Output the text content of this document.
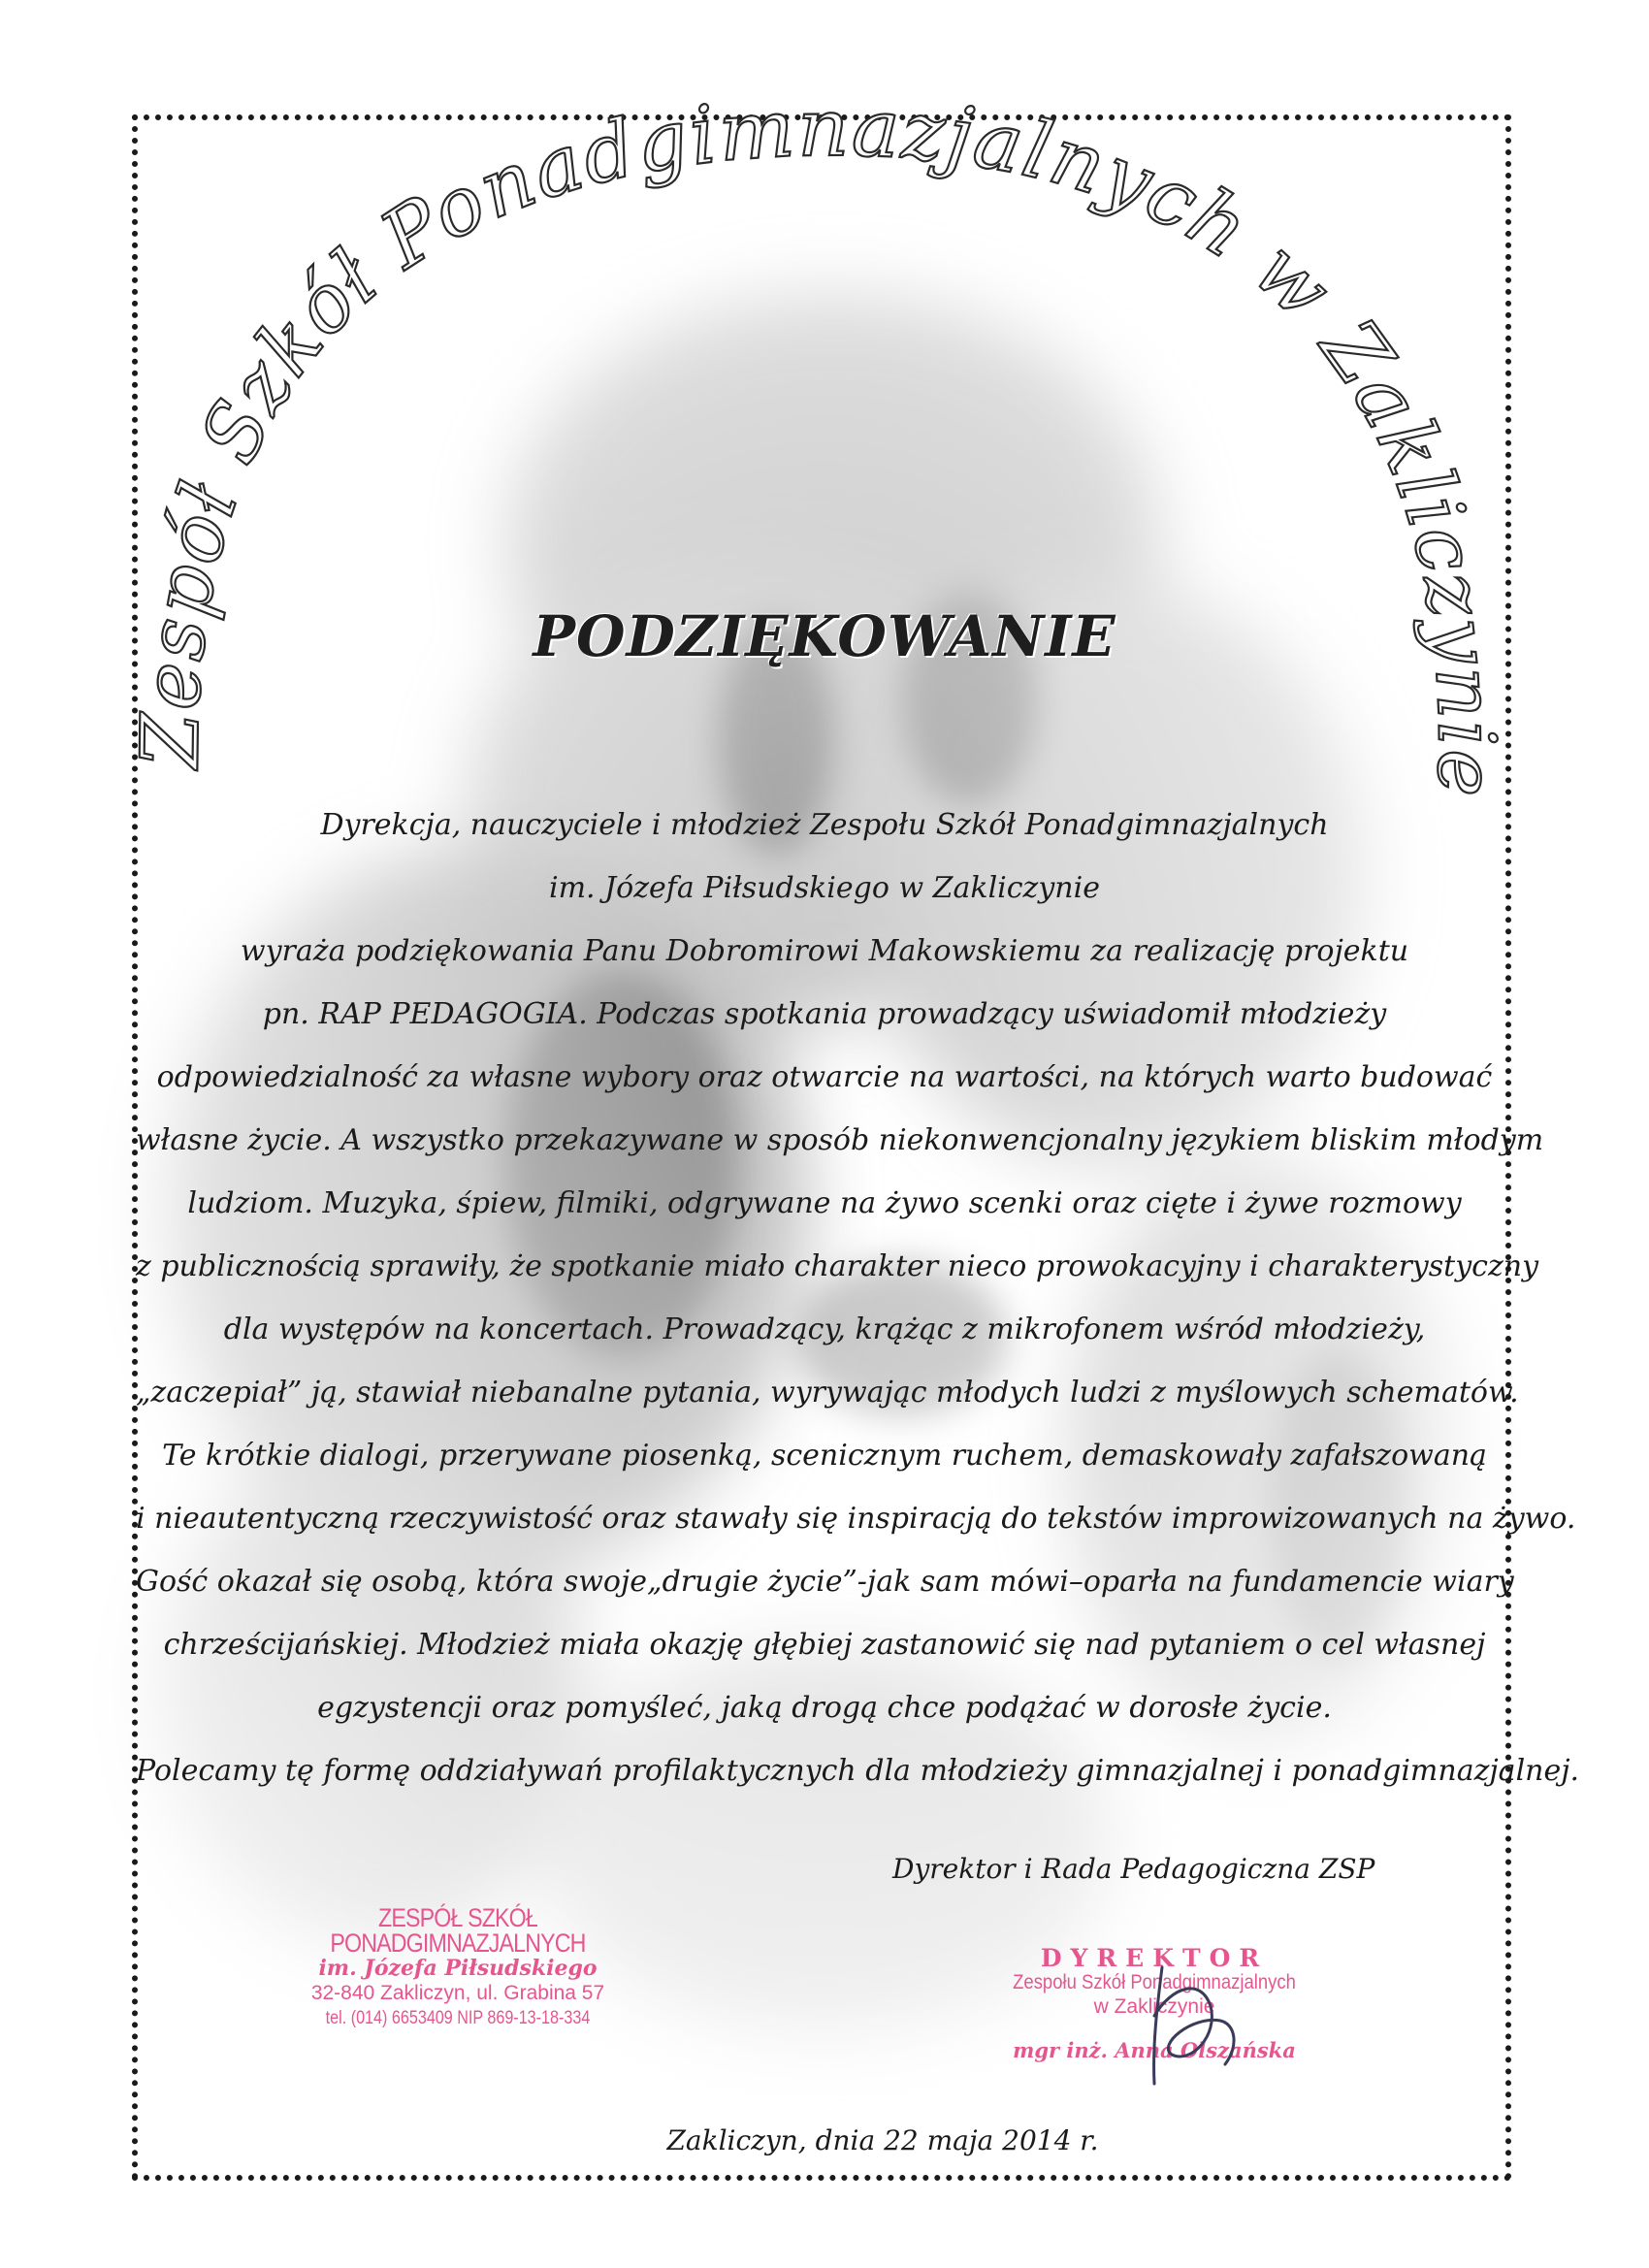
Zespół Szkół Ponadgimnazjalnych w Zakliczynie
PODZIĘKOWANIE
Dyrekcja, nauczyciele i młodzież Zespołu Szkół Ponadgimnazjalnych
im. Józefa Piłsudskiego w Zakliczynie
wyraża podziękowania Panu Dobromirowi Makowskiemu za realizację projektu
pn. RAP PEDAGOGIA. Podczas spotkania prowadzący uświadomił młodzieży
odpowiedzialność za własne wybory oraz otwarcie na wartości, na których warto budować
własne życie. A wszystko przekazywane w sposób niekonwencjonalny językiem bliskim młodym
ludziom. Muzyka, śpiew, filmiki, odgrywane na żywo scenki oraz cięte i żywe rozmowy
z publicznością sprawiły, że spotkanie miało charakter nieco prowokacyjny i charakterystyczny
dla występów na koncertach. Prowadzący, krążąc z mikrofonem wśród młodzieży,
„zaczepiał” ją, stawiał niebanalne pytania, wyrywając młodych ludzi z myślowych schematów.
Te krótkie dialogi, przerywane piosenką, scenicznym ruchem, demaskowały zafałszowaną
i nieautentyczną rzeczywistość oraz stawały się inspiracją do tekstów improwizowanych na żywo.
Gość okazał się osobą, która swoje„drugie życie”-jak sam mówi–oparła na fundamencie wiary
chrześcijańskiej. Młodzież miała okazję głębiej zastanowić się nad pytaniem o cel własnej
egzystencji oraz pomyśleć, jaką drogą chce podążać w dorosłe życie.
Polecamy tę formę oddziaływań profilaktycznych dla młodzieży gimnazjalnej i ponadgimnazjalnej.
Dyrektor i Rada Pedagogiczna ZSP
ZESPÓŁ SZKÓŁ PONADGIMNAZJALNYCH
im. Józefa Piłsudskiego
32-840 Zakliczyn, ul. Grabina 57
tel. (014) 6653409 NIP 869-13-18-334
DYREKTOR
Zespołu Szkół Ponadgimnazjalnych
w Zakliczynie
mgr inż. Anna Olszańska
Zakliczyn, dnia 22 maja 2014 r.
